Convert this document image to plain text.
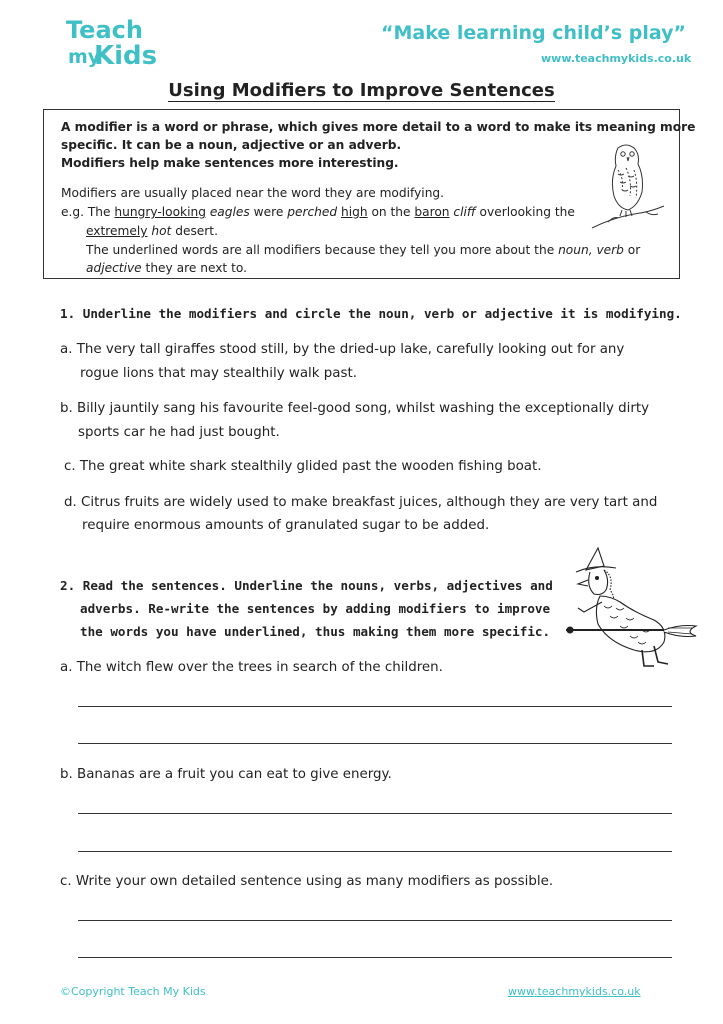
Teach
my
Kids
“Make learning child’s play”
www.teachmykids.co.uk
Using Modifiers to Improve Sentences
A modifier is a word or phrase, which gives more detail to a word to make its meaning more
specific. It can be a noun, adjective or an adverb.
Modifiers help make sentences more interesting.
Modifiers are usually placed near the word they are modifying.
e.g. The hungry-looking eagles were perched high on the baron cliff overlooking the
extremely hot desert.
The underlined words are all modifiers because they tell you more about the noun, verb or
adjective they are next to.
1. Underline the modifiers and circle the noun, verb or adjective it is modifying.
a. The very tall giraffes stood still, by the dried-up lake, carefully looking out for any
rogue lions that may stealthily walk past.
b. Billy jauntily sang his favourite feel-good song, whilst washing the exceptionally dirty
sports car he had just bought.
c. The great white shark stealthily glided past the wooden fishing boat.
d. Citrus fruits are widely used to make breakfast juices, although they are very tart and
require enormous amounts of granulated sugar to be added.
2. Read the sentences. Underline the nouns, verbs, adjectives and
adverbs. Re-write the sentences by adding modifiers to improve
the words you have underlined, thus making them more specific.
a. The witch flew over the trees in search of the children.
b. Bananas are a fruit you can eat to give energy.
c. Write your own detailed sentence using as many modifiers as possible.
©Copyright Teach My Kids	www.teachmykids.co.uk
